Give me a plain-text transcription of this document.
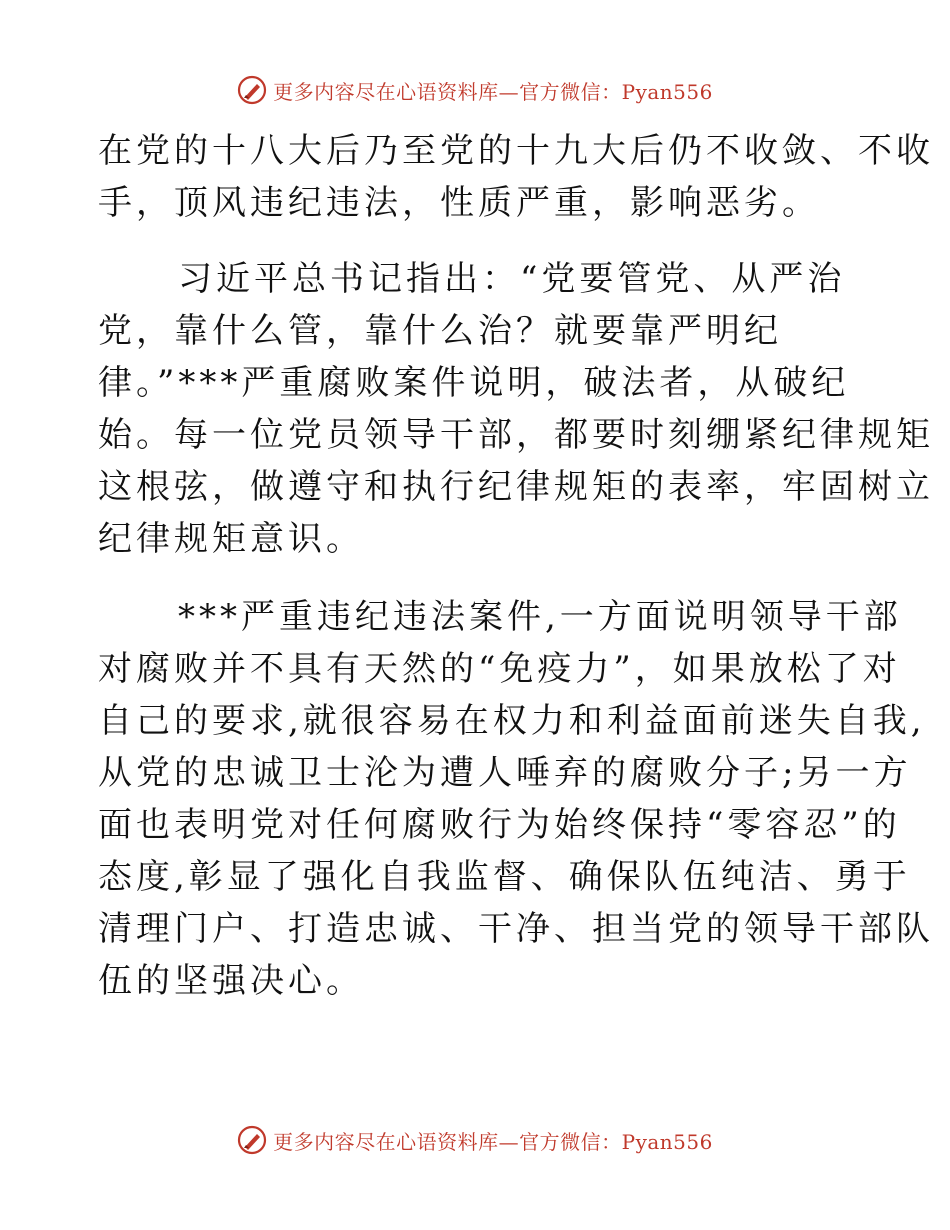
更多内容尽在心语资料库—官方微信：Pyan556

在党的十八大后乃至党的十九大后仍不收敛、不收
手，顶风违纪违法，性质严重，影响恶劣。

习近平总书记指出：“党要管党、从严治
党，靠什么管，靠什么治？就要靠严明纪
律。”***严重腐败案件说明，破法者，从破纪
始。每一位党员领导干部，都要时刻绷紧纪律规矩
这根弦，做遵守和执行纪律规矩的表率，牢固树立
纪律规矩意识。

***严重违纪违法案件,一方面说明领导干部
对腐败并不具有天然的“免疫力”，如果放松了对
自己的要求,就很容易在权力和利益面前迷失自我,
从党的忠诚卫士沦为遭人唾弃的腐败分子;另一方
面也表明党对任何腐败行为始终保持“零容忍”的
态度,彰显了强化自我监督、确保队伍纯洁、勇于
清理门户、打造忠诚、干净、担当党的领导干部队
伍的坚强决心。

更多内容尽在心语资料库—官方微信：Pyan556
